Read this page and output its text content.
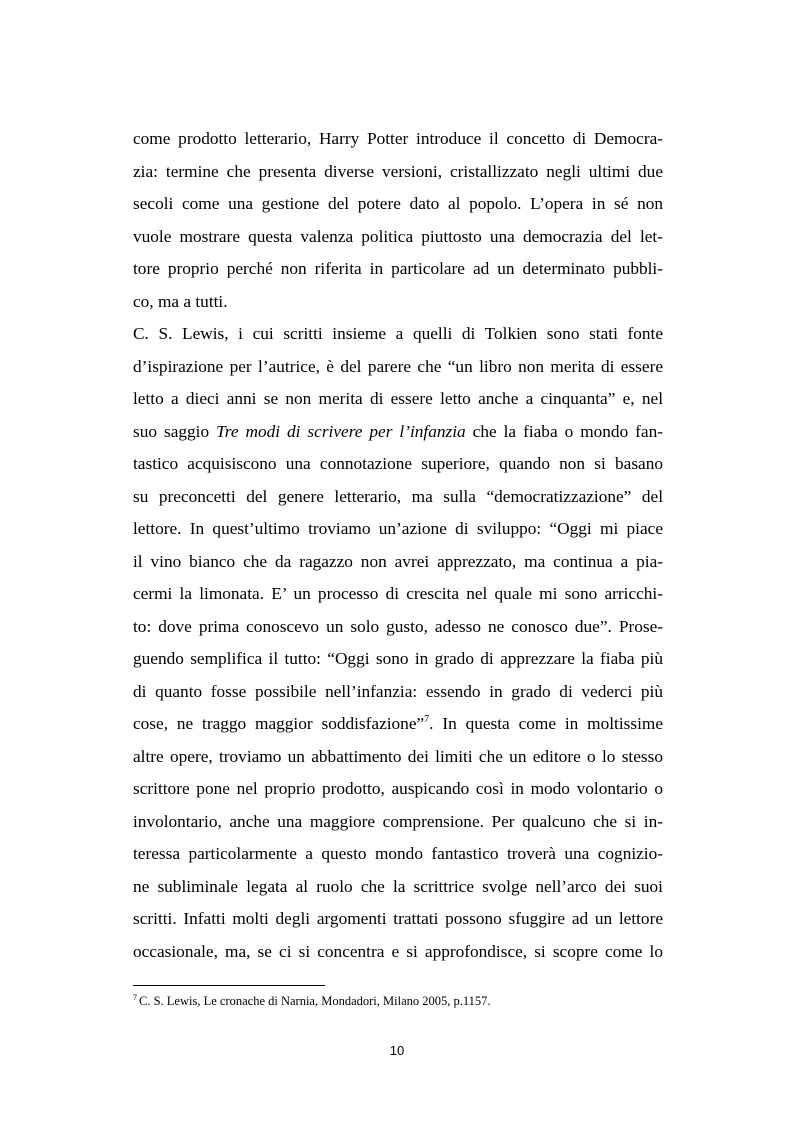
come prodotto letterario, Harry Potter introduce il concetto di Democra-
zia: termine che presenta diverse versioni, cristallizzato negli ultimi due
secoli come una gestione del potere dato al popolo. L’opera in sé non
vuole mostrare questa valenza politica piuttosto una democrazia del let-
tore proprio perché non riferita in particolare ad un determinato pubbli-
co, ma a tutti.
C. S. Lewis, i cui scritti insieme a quelli di Tolkien sono stati fonte
d’ispirazione per l’autrice, è del parere che “un libro non merita di essere
letto a dieci anni se non merita di essere letto anche a cinquanta” e, nel
suo saggio Tre modi di scrivere per l’infanzia che la fiaba o mondo fan-
tastico acquisiscono una connotazione superiore, quando non si basano
su preconcetti del genere letterario, ma sulla “democratizzazione” del
lettore. In quest’ultimo troviamo un’azione di sviluppo: “Oggi mi piace
il vino bianco che da ragazzo non avrei apprezzato, ma continua a pia-
cermi la limonata. E’ un processo di crescita nel quale mi sono arricchi-
to: dove prima conoscevo un solo gusto, adesso ne conosco due”. Prose-
guendo semplifica il tutto: “Oggi sono in grado di apprezzare la fiaba più
di quanto fosse possibile nell’infanzia: essendo in grado di vederci più
cose, ne traggo maggior soddisfazione”$^7$. In questa come in moltissime
altre opere, troviamo un abbattimento dei limiti che un editore o lo stesso
scrittore pone nel proprio prodotto, auspicando così in modo volontario o
involontario, anche una maggiore comprensione. Per qualcuno che si in-
teressa particolarmente a questo mondo fantastico troverà una cognizio-
ne subliminale legata al ruolo che la scrittrice svolge nell’arco dei suoi
scritti. Infatti molti degli argomenti trattati possono sfuggire ad un lettore
occasionale, ma, se ci si concentra e si approfondisce, si scopre come lo
$^7$ C. S. Lewis, Le cronache di Narnia, Mondadori, Milano 2005, p.1157.
10
